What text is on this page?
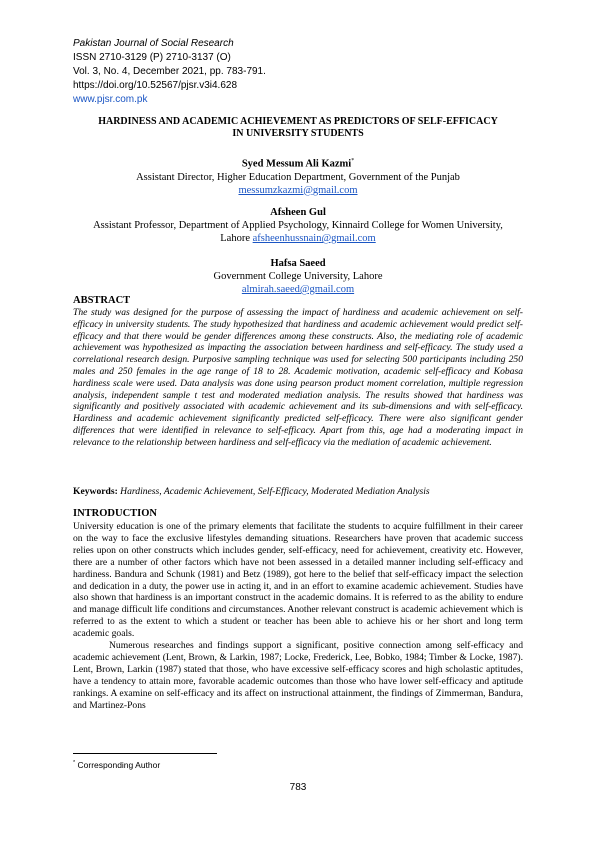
Pakistan Journal of Social Research
ISSN 2710-3129 (P) 2710-3137 (O)
Vol. 3, No. 4, December 2021, pp. 783-791.
https://doi.org/10.52567/pjsr.v3i4.628
www.pjsr.com.pk
HARDINESS AND ACADEMIC ACHIEVEMENT AS PREDICTORS OF SELF-EFFICACY
IN UNIVERSITY STUDENTS
Syed Messum Ali Kazmi*
Assistant Director, Higher Education Department, Government of the Punjab
messumzkazmi@gmail.com
Afsheen Gul
Assistant Professor, Department of Applied Psychology, Kinnaird College for Women University,
Lahore afsheenhussnain@gmail.com
Hafsa Saeed
Government College University, Lahore
almirah.saeed@gmail.com
ABSTRACT
The study was designed for the purpose of assessing the impact of hardiness and academic achievement on self-efficacy in university students. The study hypothesized that hardiness and academic achievement would predict self-efficacy and that there would be gender differences among these constructs. Also, the mediating role of academic achievement was hypothesized as impacting the association between hardiness and self-efficacy. The study used a correlational research design. Purposive sampling technique was used for selecting 500 participants including 250 males and 250 females in the age range of 18 to 28. Academic motivation, academic self-efficacy and Kobasa hardiness scale were used. Data analysis was done using pearson product moment correlation, multiple regression analysis, independent sample t test and moderated mediation analysis. The results showed that hardiness was significantly and positively associated with academic achievement and its sub-dimensions and with self-efficacy. Hardiness and academic achievement significantly predicted self-efficacy. There were also significant gender differences that were identified in relevance to self-efficacy. Apart from this, age had a moderating impact in relevance to the relationship between hardiness and self-efficacy via the mediation of academic achievement.
Keywords: Hardiness, Academic Achievement, Self-Efficacy, Moderated Mediation Analysis
INTRODUCTION

University education is one of the primary elements that facilitate the students to acquire fulfillment in their career on the way to face the exclusive lifestyles demanding situations. Researchers have proven that academic success relies upon on other constructs which includes gender, self-efficacy, need for achievement, creativity etc. However, there are a number of other factors which have not been assessed in a detailed manner including self-efficacy and hardiness. Bandura and Schunk (1981) and Betz (1989), got here to the belief that self-efficacy impact the selection and dedication in a duty, the power use in acting it, and in an effort to examine academic achievement. Studies have also shown that hardiness is an important construct in the academic domains. It is referred to as the ability to endure and manage difficult life conditions and circumstances. Another relevant construct is academic achievement which is referred to as the extent to which a student or teacher has been able to achieve his or her short and long term academic goals.

Numerous researches and findings support a significant, positive connection among self-efficacy and academic achievement (Lent, Brown, & Larkin, 1987; Locke, Frederick, Lee, Bobko, 1984; Timber & Locke, 1987). Lent, Brown, Larkin (1987) stated that those, who have excessive self-efficacy scores and high scholastic aptitudes, have a tendency to attain more, favorable academic outcomes than those who have lower self-efficacy and aptitude rankings. A examine on self-efficacy and its affect on instructional attainment, the findings of Zimmerman, Bandura, and Martinez-Pons

* Corresponding Author
783
